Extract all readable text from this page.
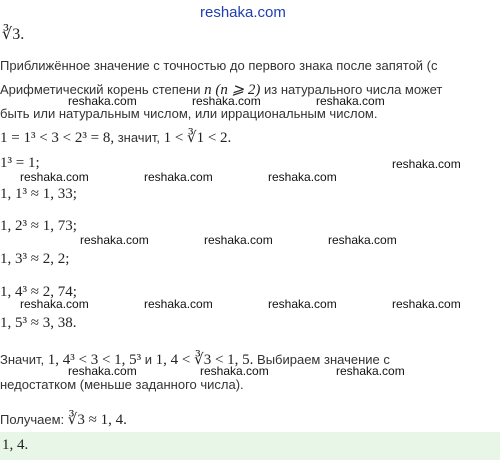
reshaka.com
∛3.
Приближённое значение с точностью до первого знака после запятой (с
Арифметический корень степени n (n ⩾ 2) из натурального числа может
reshaka.com	reshaka.com	reshaka.com
быть или натуральным числом, или иррациональным числом.
1 = 1³ < 3 < 2³ = 8, значит, 1 < ∛1 < 2.
1³ = 1;	reshaka.com
reshaka.com	reshaka.com	reshaka.com
1, 1³ ≈ 1, 33;
1, 2³ ≈ 1, 73;
reshaka.com	reshaka.com	reshaka.com
1, 3³ ≈ 2, 2;
1, 4³ ≈ 2, 74;
reshaka.com	reshaka.com	reshaka.com	reshaka.com
1, 5³ ≈ 3, 38.
Значит, 1, 4³ < 3 < 1, 5³ и 1, 4 < ∛3 < 1, 5. Выбираем значение с
reshaka.com	reshaka.com	reshaka.com
недостатком (меньше заданного числа).
Получаем: ∛3 ≈ 1, 4.
1, 4.
